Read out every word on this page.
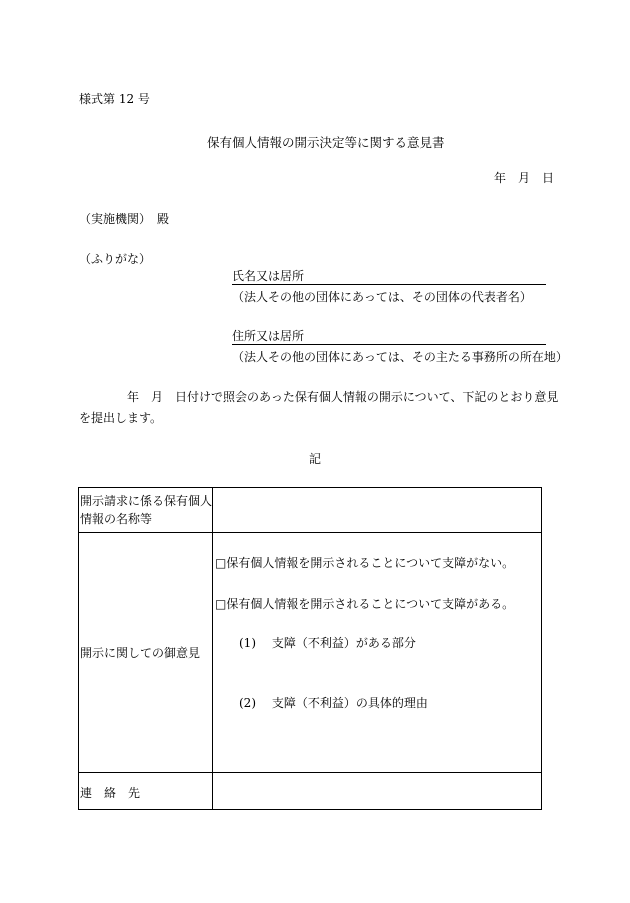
様式第 12 号
保有個人情報の開示決定等に関する意見書
年　月　日
（実施機関）　殿
（ふりがな）
氏名又は居所
（法人その他の団体にあっては、その団体の代表者名）
住所又は居所
（法人その他の団体にあっては、その主たる事務所の所在地）
年　月　日付けで照会のあった保有個人情報の開示について、下記のとおり意見
を提出します。
記
開示請求に係る保有個人
情報の名称等
開示に関しての御意見
□保有個人情報を開示されることについて支障がない。
□保有個人情報を開示されることについて支障がある。
(1)　 支障（不利益）がある部分
(2)　 支障（不利益）の具体的理由
連　絡　先
